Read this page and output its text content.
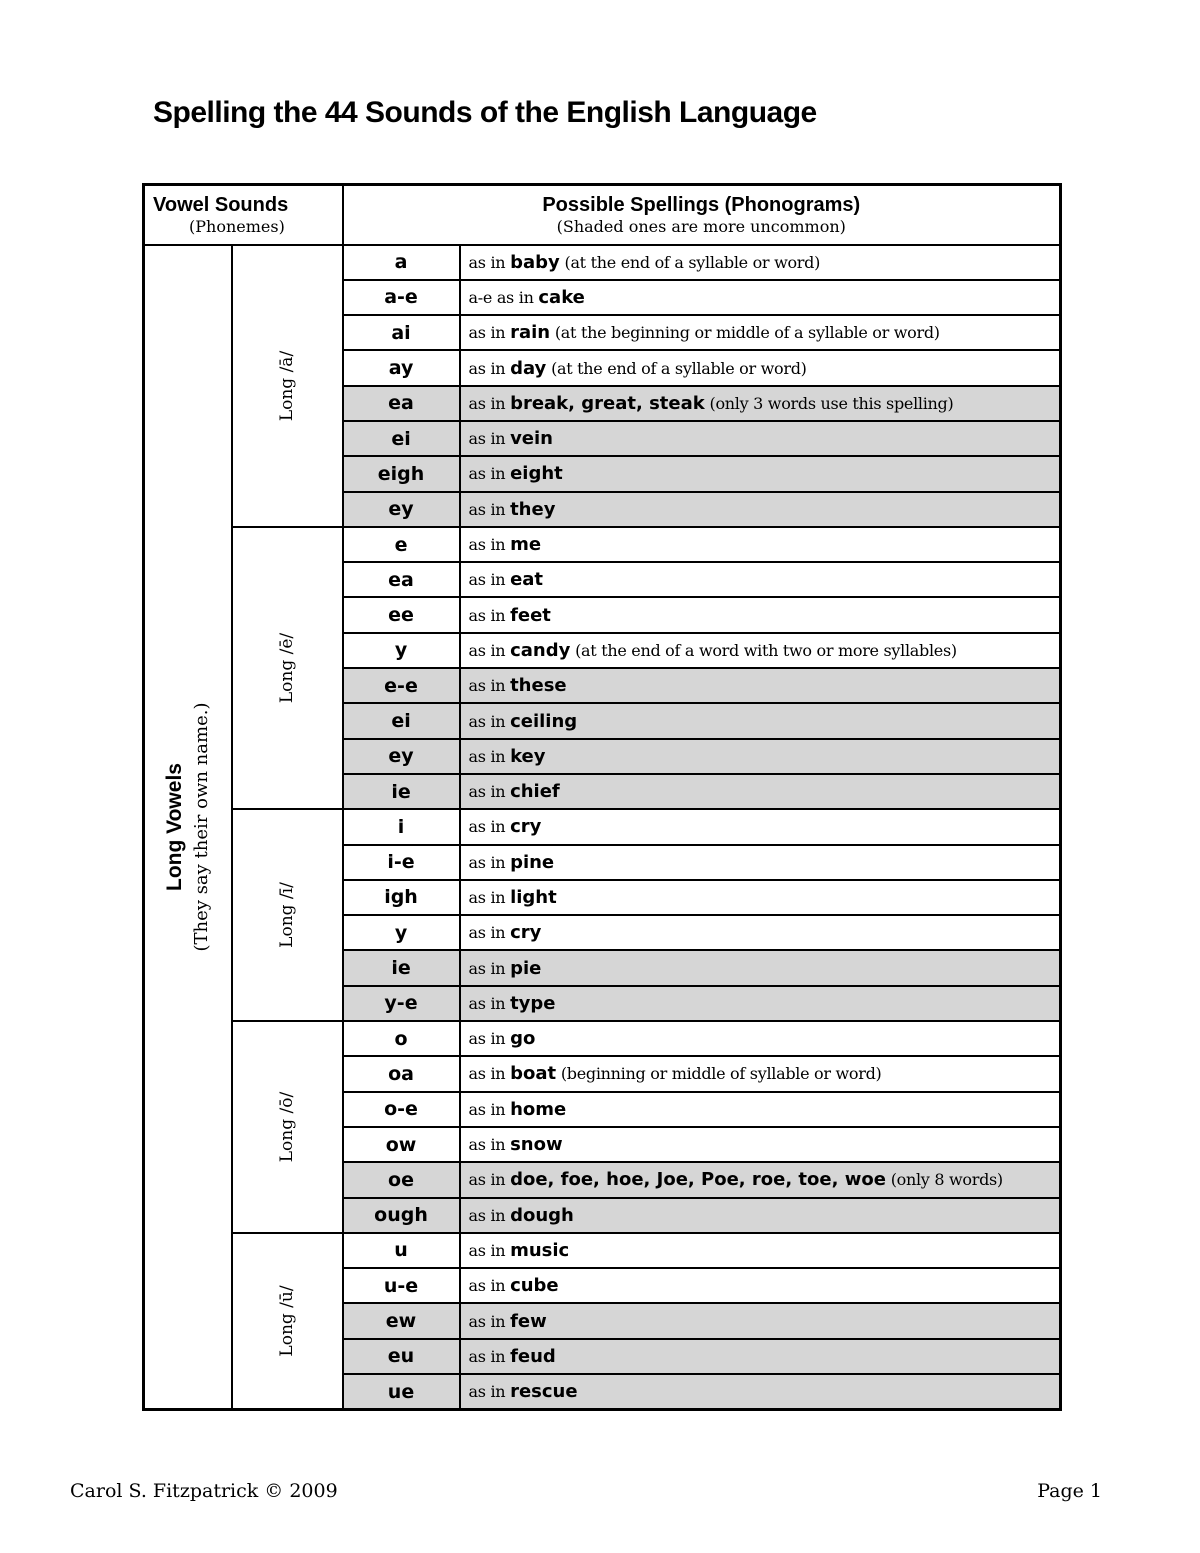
Spelling the 44 Sounds of the English Language
Vowel Sounds
(Phonemes)		Possible Spellings (Phonograms)
(Shaded ones are more uncommon)	

Long Vowels (They say their own name.)	Long /ā/	a	as in baby (at the end of a syllable or word)
		a-e	a-e as in cake
		ai	as in rain (at the beginning or middle of a syllable or word)
		ay	as in day (at the end of a syllable or word)
		ea	as in break, great, steak (only 3 words use this spelling)
		ei	as in vein
		eigh	as in eight
		ey	as in they

	Long /ē/	e	as in me
		ea	as in eat
		ee	as in feet
		y	as in candy (at the end of a word with two or more syllables)
		e-e	as in these
		ei	as in ceiling
		ey	as in key
		ie	as in chief

	Long /ī/	i	as in cry
		i-e	as in pine
		igh	as in light
		y	as in cry
		ie	as in pie
		y-e	as in type

	Long /ō/	o	as in go
		oa	as in boat (beginning or middle of syllable or word)
		o-e	as in home
		ow	as in snow
		oe	as in doe, foe, hoe, Joe, Poe, roe, toe, woe (only 8 words)
		ough	as in dough

	Long /ū/	u	as in music
		u-e	as in cube
		ew	as in few
		eu	as in feud
		ue	as in rescue
Carol S. Fitzpatrick © 2009	Page 1
